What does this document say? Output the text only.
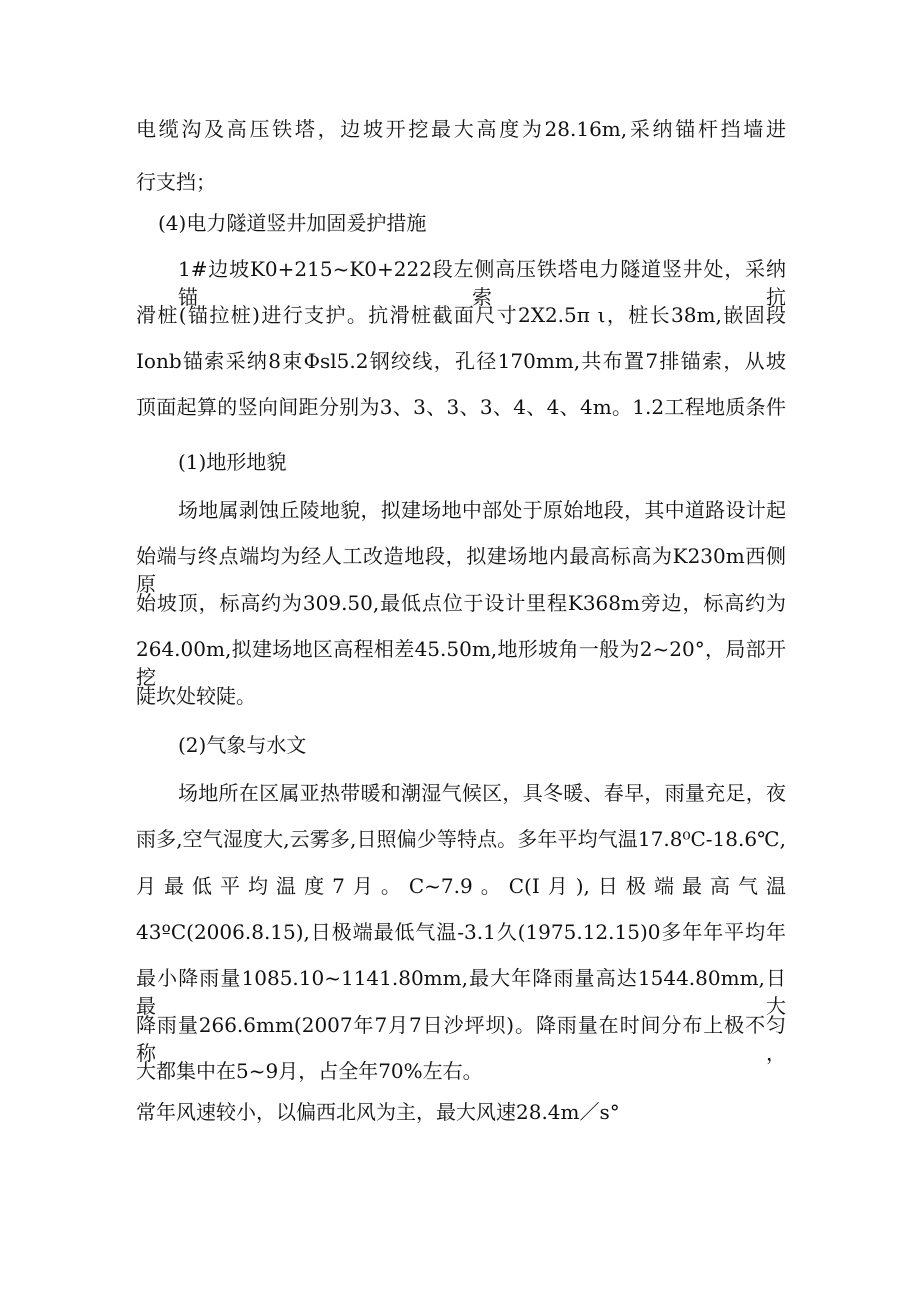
电缆沟及高压铁塔，边坡开挖最大高度为28.16m,采纳锚杆挡墙进
行支挡；
(4)电力隧道竖井加固爰护措施
1#边坡K0+215~K0+222段左侧高压铁塔电力隧道竖井处，采纳锚索抗
滑桩(锚拉桩)进行支护。抗滑桩截面尺寸2X2.5π ι，桩长38m,嵌固段
Ionb锚索采纳8束Φsl5.2钢绞线，孔径170mm,共布置7排锚索，从坡
顶面起算的竖向间距分别为3、3、3、3、4、4、4m。1.2工程地质条件
(1)地形地貌
场地属剥蚀丘陵地貌，拟建场地中部处于原始地段，其中道路设计起
始端与终点端均为经人工改造地段，拟建场地内最高标高为K230m西侧原
始坡顶，标高约为309.50,最低点位于设计里程K368m旁边，标高约为
264.00m,拟建场地区高程相差45.50m,地形坡角一般为2~20°，局部开挖
陡坎处较陡。
(2)气象与水文
场地所在区属亚热带暖和潮湿气候区，具冬暖、春早，雨量充足，夜
雨多,空气湿度大,云雾多,日照偏少等特点。多年平均气温17.8⁰C-18.6℃,
月最低平均温度7月。C~7.9。C(I月),日极端最高气温
43ºC(2006.8.15),日极端最低气温-3.1久(1975.12.15)0多年年平均年
最小降雨量1085.10~1141.80mm,最大年降雨量高达1544.80mm,日最大
降雨量266.6mm(2007年7月7日沙坪坝)。降雨量在时间分布上极不匀称，
大都集中在5~9月，占全年70%左右。
常年风速较小，以偏西北风为主，最大风速28.4m／s°
